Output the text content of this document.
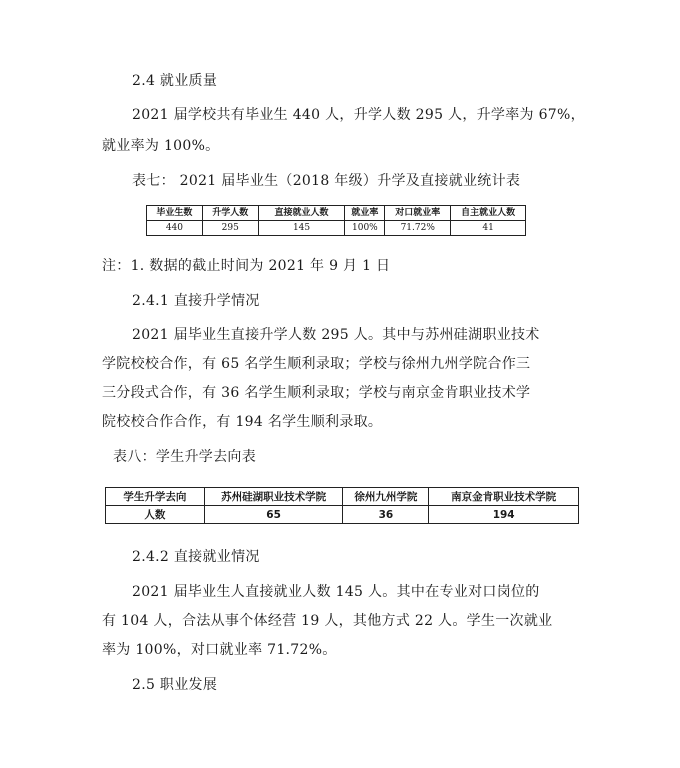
2.4 就业质量
2021 届学校共有毕业生 440 人，升学人数 295 人，升学率为 67%，
就业率为 100%。
表七： 2021 届毕业生（2018 年级）升学及直接就业统计表
毕业生数	升学人数	直接就业人数	就业率	对口就业率	自主就业人数
440	295	145	100%	71.72%	41
注：1. 数据的截止时间为 2021 年 9 月 1 日
2.4.1 直接升学情况
2021 届毕业生直接升学人数 295 人。其中与苏州硅湖职业技术
学院校校合作，有 65 名学生顺利录取；学校与徐州九州学院合作三
三分段式合作，有 36 名学生顺利录取；学校与南京金肯职业技术学
院校校合作合作，有 194 名学生顺利录取。
表八：学生升学去向表
学生升学去向	苏州硅湖职业技术学院	徐州九州学院	南京金肯职业技术学院
人数	65	36	194
2.4.2 直接就业情况
2021 届毕业生人直接就业人数 145 人。其中在专业对口岗位的
有 104 人，合法从事个体经营 19 人，其他方式 22 人。学生一次就业
率为 100%，对口就业率 71.72%。
2.5 职业发展
